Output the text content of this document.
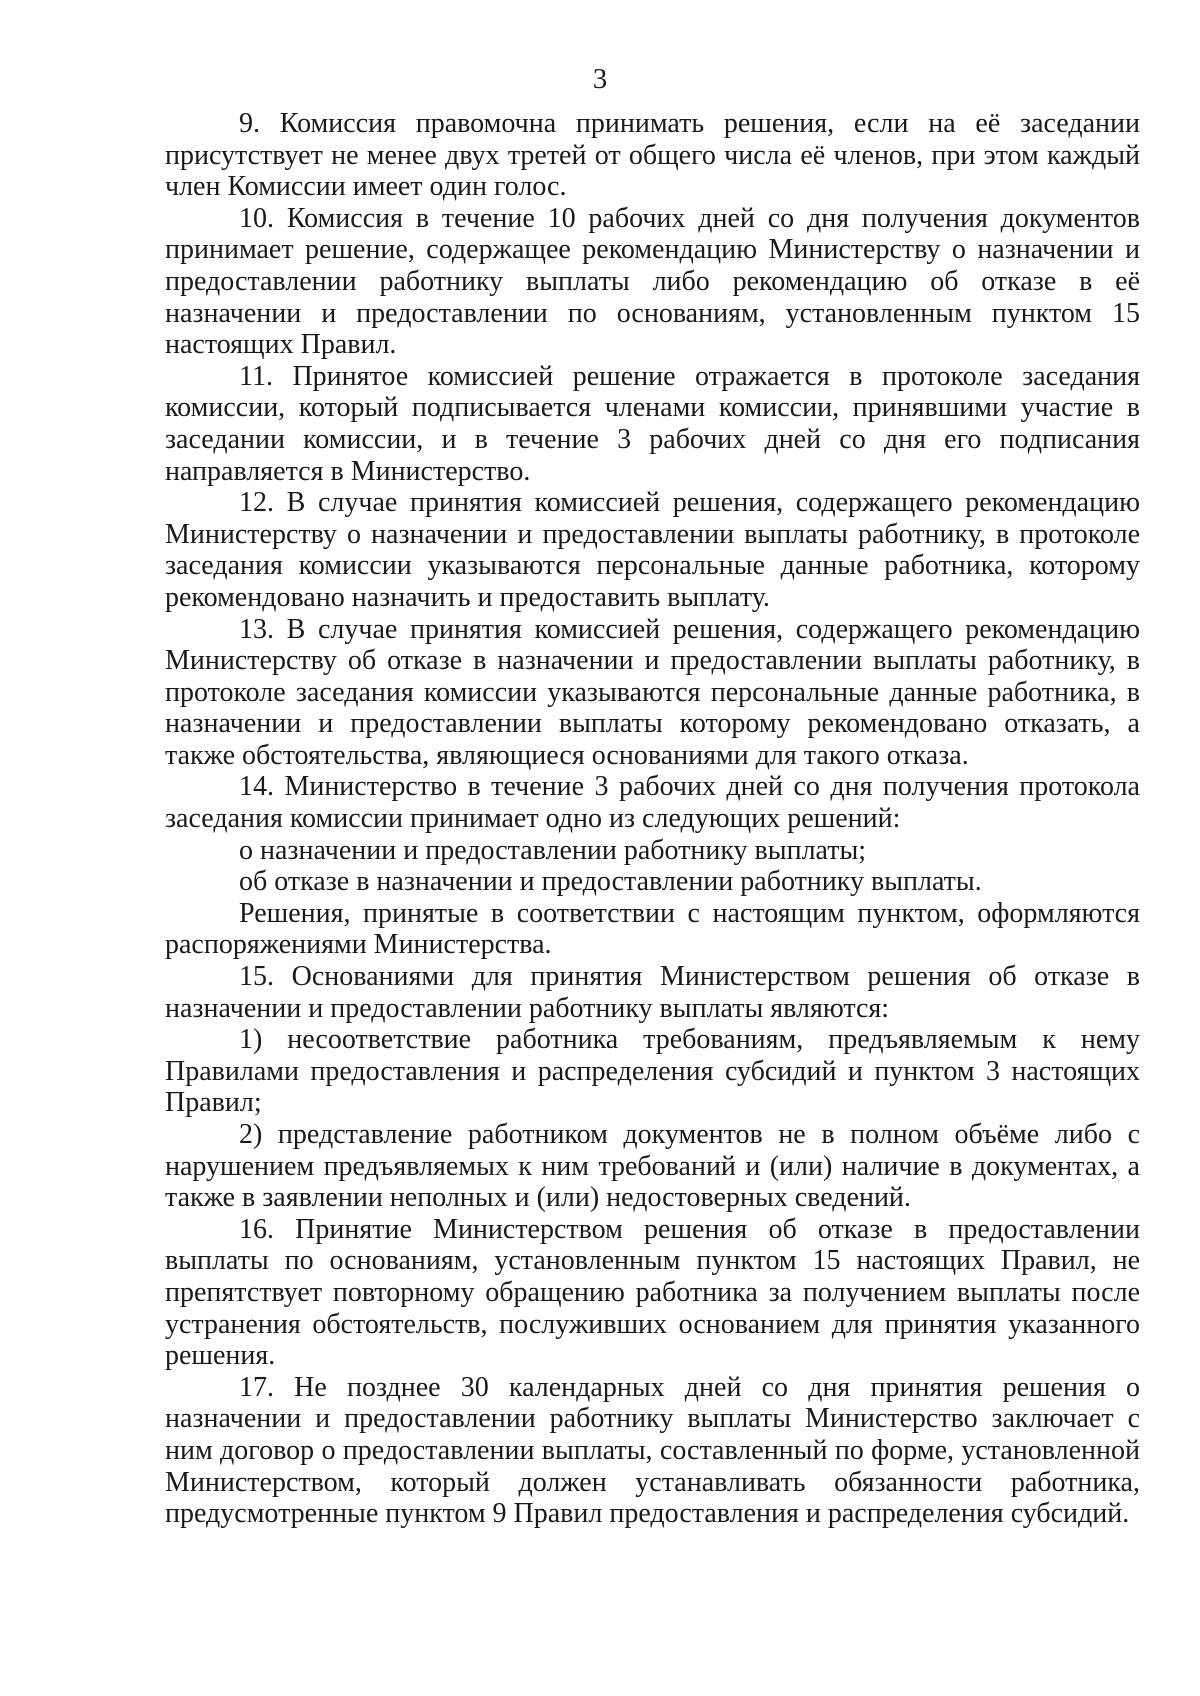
3

9. Комиссия правомочна принимать решения, если на её заседании присутствует не менее двух третей от общего числа её членов, при этом каждый член Комиссии имеет один голос.

10. Комиссия в течение 10 рабочих дней со дня получения документов принимает решение, содержащее рекомендацию Министерству о назначении и предоставлении работнику выплаты либо рекомендацию об отказе в её назначении и предоставлении по основаниям, установленным пунктом 15 настоящих Правил.

11. Принятое комиссией решение отражается в протоколе заседания комиссии, который подписывается членами комиссии, принявшими участие в заседании комиссии, и в течение 3 рабочих дней со дня его подписания направляется в Министерство.

12. В случае принятия комиссией решения, содержащего рекомендацию Министерству о назначении и предоставлении выплаты работнику, в протоколе заседания комиссии указываются персональные данные работника, которому рекомендовано назначить и предоставить выплату.

13. В случае принятия комиссией решения, содержащего рекомендацию Министерству об отказе в назначении и предоставлении выплаты работнику, в протоколе заседания комиссии указываются персональные данные работника, в назначении и предоставлении выплаты которому рекомендовано отказать, а также обстоятельства, являющиеся основаниями для такого отказа.

14. Министерство в течение 3 рабочих дней со дня получения протокола заседания комиссии принимает одно из следующих решений:

о назначении и предоставлении работнику выплаты;

об отказе в назначении и предоставлении работнику выплаты.

Решения, принятые в соответствии с настоящим пунктом, оформляются распоряжениями Министерства.

15. Основаниями для принятия Министерством решения об отказе в назначении и предоставлении работнику выплаты являются:

1) несоответствие работника требованиям, предъявляемым к нему Правилами предоставления и распределения субсидий и пунктом 3 настоящих Правил;

2) представление работником документов не в полном объёме либо с нарушением предъявляемых к ним требований и (или) наличие в документах, а также в заявлении неполных и (или) недостоверных сведений.

16. Принятие Министерством решения об отказе в предоставлении выплаты по основаниям, установленным пунктом 15 настоящих Правил, не препятствует повторному обращению работника за получением выплаты после устранения обстоятельств, послуживших основанием для принятия указанного решения.

17. Не позднее 30 календарных дней со дня принятия решения о назначении и предоставлении работнику выплаты Министерство заключает с ним договор о предоставлении выплаты, составленный по форме, установленной Министерством, который должен устанавливать обязанности работника, предусмотренные пунктом 9 Правил предоставления и распределения субсидий.
